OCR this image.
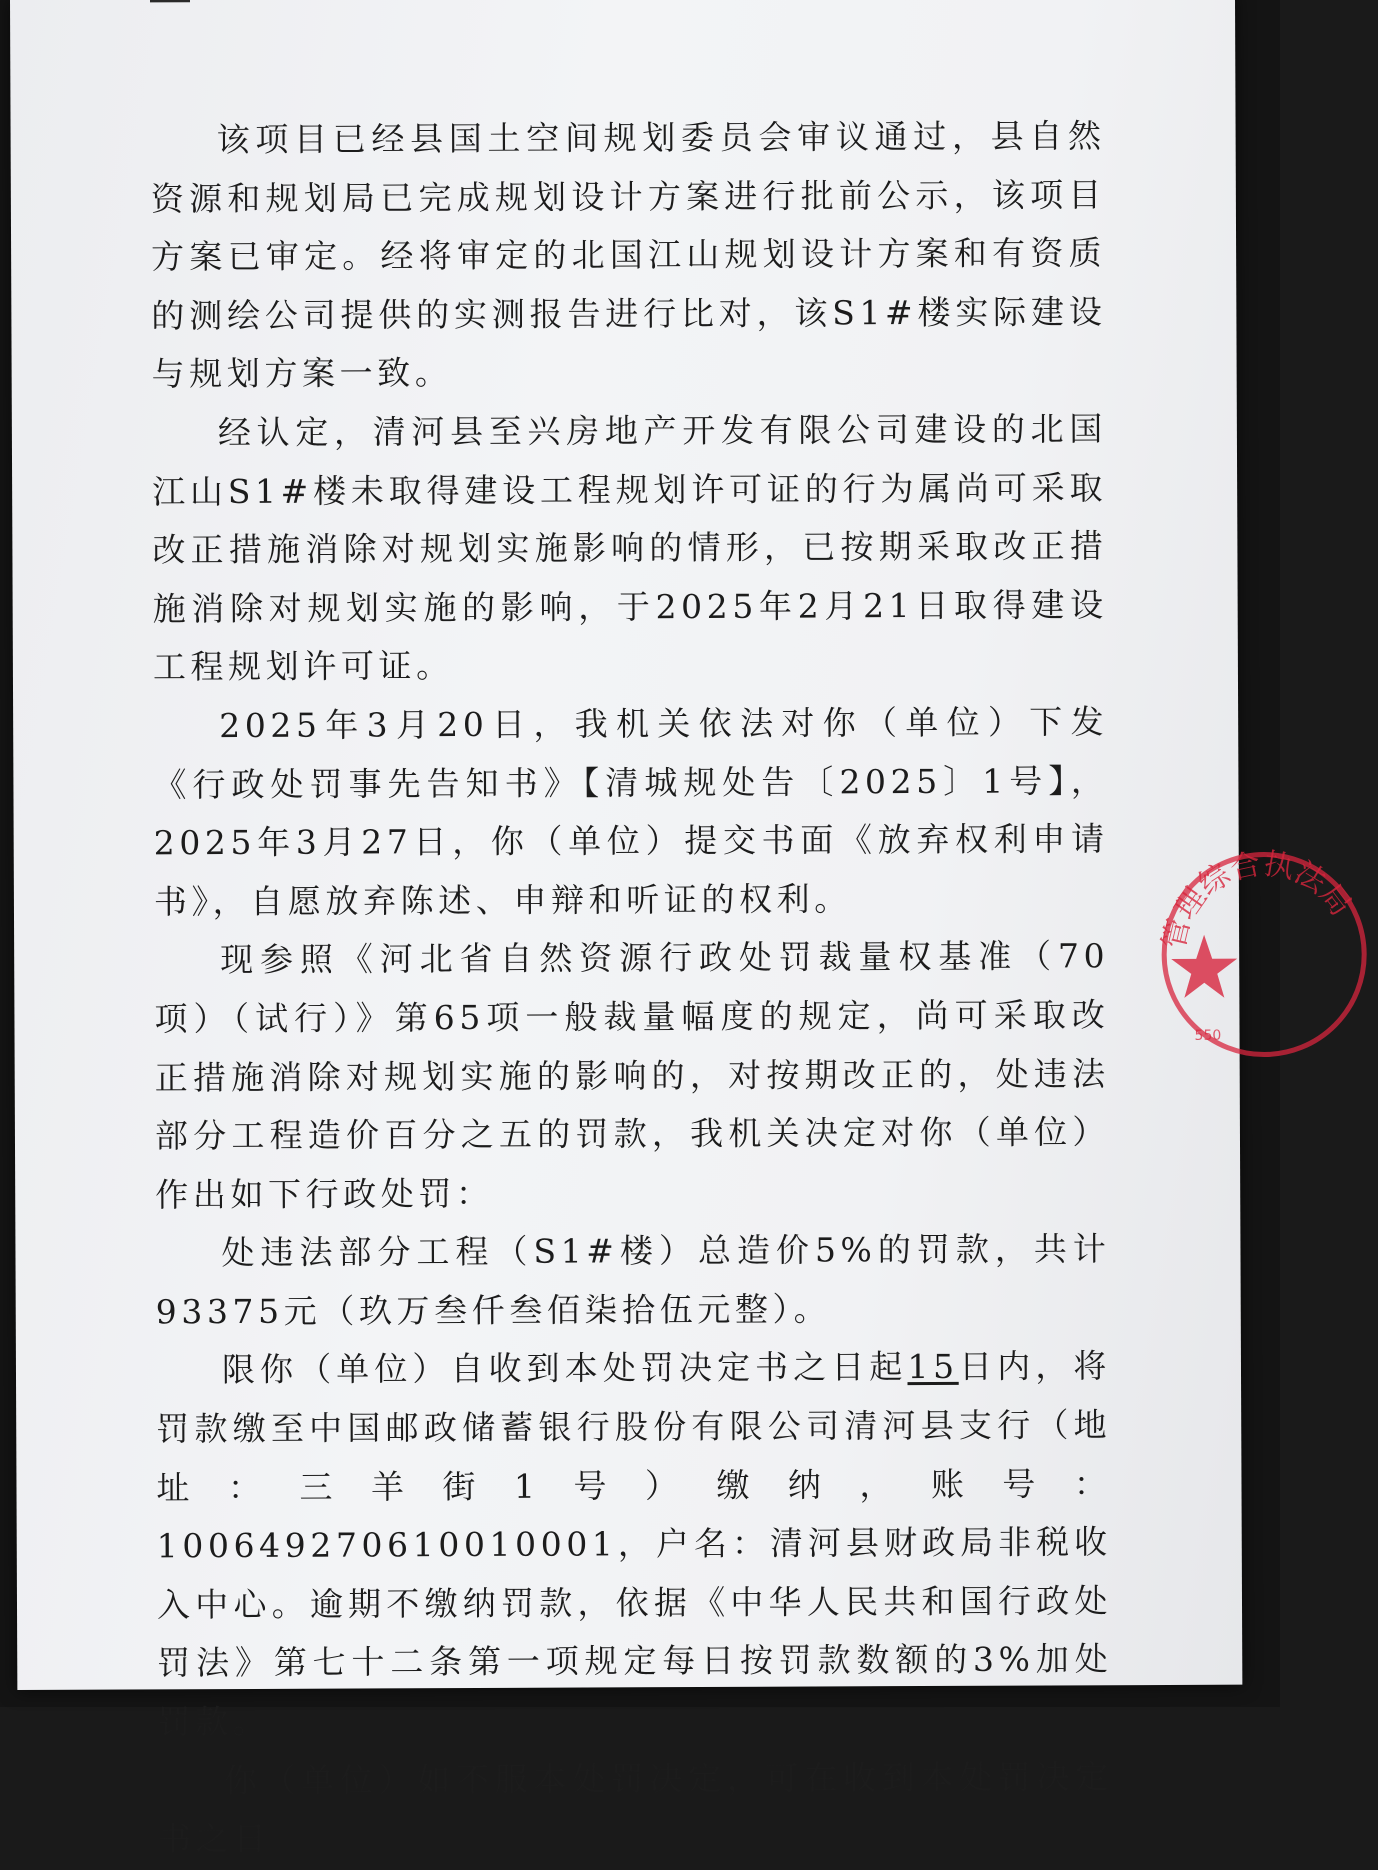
该项目已经县国土空间规划委员会审议通过，县自然资源和规划局已完成规划设计方案进行批前公示，该项目方案已审定。经将审定的北国江山规划设计方案和有资质的测绘公司提供的实测报告进行比对，该S1#楼实际建设与规划方案一致。

经认定，清河县至兴房地产开发有限公司建设的北国江山S1#楼未取得建设工程规划许可证的行为属尚可采取改正措施消除对规划实施影响的情形，已按期采取改正措施消除对规划实施的影响，于2025年2月21日取得建设工程规划许可证。

2025年3月20日，我机关依法对你（单位）下发《行政处罚事先告知书》【清城规处告〔2025〕1号】，2025年3月27日，你（单位）提交书面《放弃权利申请书》，自愿放弃陈述、申辩和听证的权利。

现参照《河北省自然资源行政处罚裁量权基准（70项）（试行）》第65项一般裁量幅度的规定，尚可采取改正措施消除对规划实施的影响的，对按期改正的，处违法部分工程造价百分之五的罚款，我机关决定对你（单位）作出如下行政处罚：

处违法部分工程（S1#楼）总造价5%的罚款，共计93375元（玖万叁仟叁佰柒拾伍元整）。

限你（单位）自收到本处罚决定书之日起15日内，将罚款缴至中国邮政储蓄银行股份有限公司清河县支行（地址：三羊街1号）缴纳，账号：100649270610010001，户名：清河县财政局非税收入中心。逾期不缴纳罚款，依据《中华人民共和国行政处罚法》第七十二条第一项规定每日按罚款数额的3%加处罚款。

你（单位）如不服本处罚决定，可在收到本处罚决定书之日

管理综合执法局
550
